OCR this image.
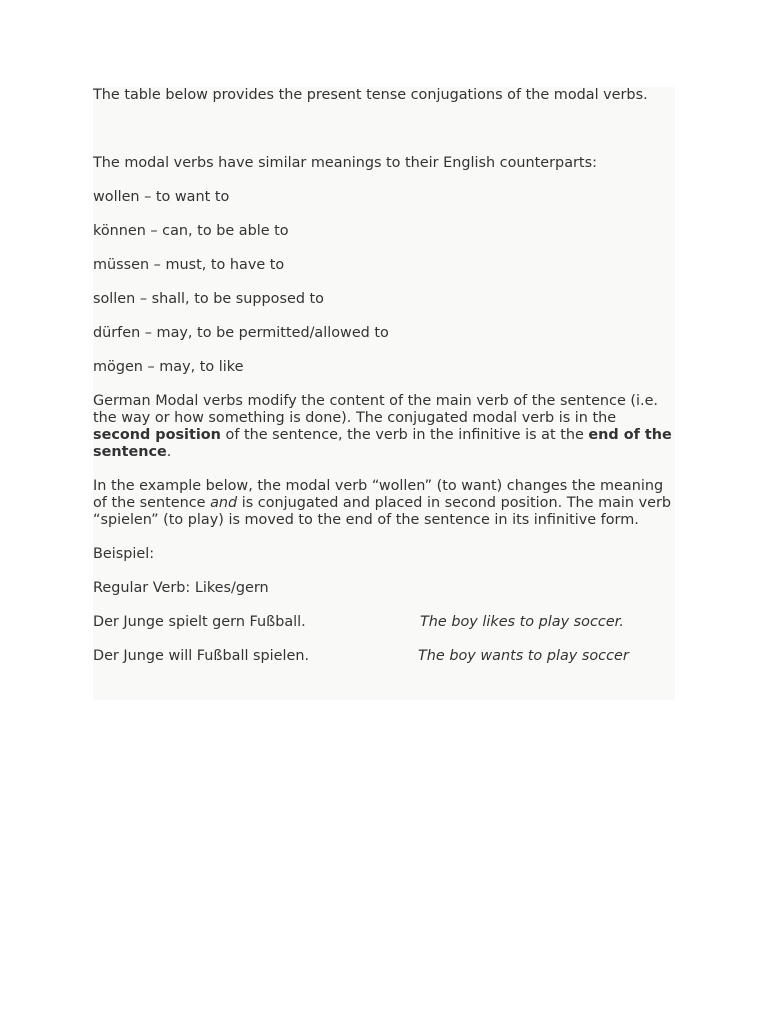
The table below provides the present tense conjugations of the modal verbs.

The modal verbs have similar meanings to their English counterparts:

wollen – to want to

können – can, to be able to

müssen – must, to have to

sollen – shall, to be supposed to

dürfen – may, to be permitted/allowed to

mögen – may, to like

German Modal verbs modify the content of the main verb of the sentence (i.e. the way or how something is done). The conjugated modal verb is in the second position of the sentence, the verb in the infinitive is at the end of the sentence.

In the example below, the modal verb “wollen” (to want) changes the meaning of the sentence and is conjugated and placed in second position. The main verb “spielen” (to play) is moved to the end of the sentence in its infinitive form.

Beispiel:

Regular Verb: Likes/gern

Der Junge spielt gern Fußball.	The boy likes to play soccer.
Der Junge will Fußball spielen.	The boy wants to play soccer
